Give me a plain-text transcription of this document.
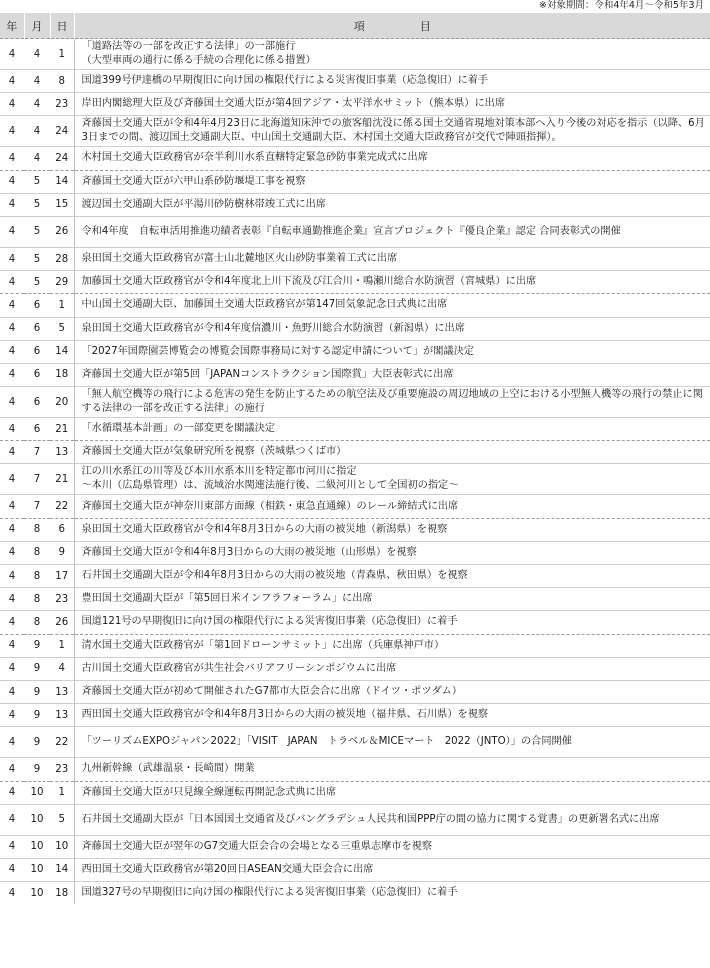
※対象期間：令和4年4月～令和5年3月
年	月	日	項　　　　　目
4	4	1	「道路法等の一部を改正する法律」の一部施行
（大型車両の通行に係る手続の合理化に係る措置）
4	4	8	国道399号伊達橋の早期復旧に向け国の権限代行による災害復旧事業（応急復旧）に着手
4	4	23	岸田内閣総理大臣及び斉藤国土交通大臣が第4回アジア・太平洋水サミット（熊本県）に出席
4	4	24	斉藤国土交通大臣が令和4年4月23日に北海道知床沖での旅客船沈没に係る国土交通省現地対策本部へ入り今後の対応を指示（以降、6月3日までの間、渡辺国土交通副大臣、中山国土交通副大臣、木村国土交通大臣政務官が交代で陣頭指揮）。
4	4	24	木村国土交通大臣政務官が奈半利川水系直轄特定緊急砂防事業完成式に出席
4	5	14	斉藤国土交通大臣が六甲山系砂防堰堤工事を視察
4	5	15	渡辺国土交通副大臣が平湯川砂防樹林帯竣工式に出席
4	5	26	令和4年度　自転車活用推進功績者表彰『自転車通勤推進企業』宣言プロジェクト『優良企業』認定 合同表彰式の開催
4	5	28	泉田国土交通大臣政務官が富士山北麓地区火山砂防事業着工式に出席
4	5	29	加藤国土交通大臣政務官が令和4年度北上川下流及び江合川・鳴瀬川総合水防演習（宮城県）に出席
4	6	1	中山国土交通副大臣、加藤国土交通大臣政務官が第147回気象記念日式典に出席
4	6	5	泉田国土交通大臣政務官が令和4年度信濃川・魚野川総合水防演習（新潟県）に出席
4	6	14	「2027年国際園芸博覧会の博覧会国際事務局に対する認定申請について」が閣議決定
4	6	18	斉藤国土交通大臣が第5回「JAPANコンストラクション国際賞」大臣表彰式に出席
4	6	20	「無人航空機等の飛行による危害の発生を防止するための航空法及び重要施設の周辺地域の上空における小型無人機等の飛行の禁止に関する法律の一部を改正する法律」の施行
4	6	21	「水循環基本計画」の一部変更を閣議決定
4	7	13	斉藤国土交通大臣が気象研究所を視察（茨城県つくば市）
4	7	21	江の川水系江の川等及び本川水系本川を特定都市河川に指定
～本川（広島県管理）は、流域治水関連法施行後、二級河川として全国初の指定～
4	7	22	斉藤国土交通大臣が神奈川東部方面線（相鉄・東急直通線）のレール締結式に出席
4	8	6	泉田国土交通大臣政務官が令和4年8月3日からの大雨の被災地（新潟県）を視察
4	8	9	斉藤国土交通大臣が令和4年8月3日からの大雨の被災地（山形県）を視察
4	8	17	石井国土交通副大臣が令和4年8月3日からの大雨の被災地（青森県、秋田県）を視察
4	8	23	豊田国土交通副大臣が「第5回日米インフラフォーラム」に出席
4	8	26	国道121号の早期復旧に向け国の権限代行による災害復旧事業（応急復旧）に着手
4	9	1	清水国土交通大臣政務官が「第1回ドローンサミット」に出席（兵庫県神戸市）
4	9	4	古川国土交通大臣政務官が共生社会バリアフリーシンポジウムに出席
4	9	13	斉藤国土交通大臣が初めて開催されたG7都市大臣会合に出席（ドイツ・ポツダム）
4	9	13	西田国土交通大臣政務官が令和4年8月3日からの大雨の被災地（福井県、石川県）を視察
4	9	22	「ツーリズムEXPOジャパン2022」「VISIT　JAPAN　トラベル＆MICEマート　2022（JNTO）」の合同開催
4	9	23	九州新幹線（武雄温泉・長崎間）開業
4	10	1	斉藤国土交通大臣が只見線全線運転再開記念式典に出席
4	10	5	石井国土交通副大臣が「日本国国土交通省及びバングラデシュ人民共和国PPP庁の間の協力に関する覚書」の更新署名式に出席
4	10	10	斉藤国土交通大臣が翌年のG7交通大臣会合の会場となる三重県志摩市を視察
4	10	14	西田国土交通大臣政務官が第20回日ASEAN交通大臣会合に出席
4	10	18	国道327号の早期復旧に向け国の権限代行による災害復旧事業（応急復旧）に着手
